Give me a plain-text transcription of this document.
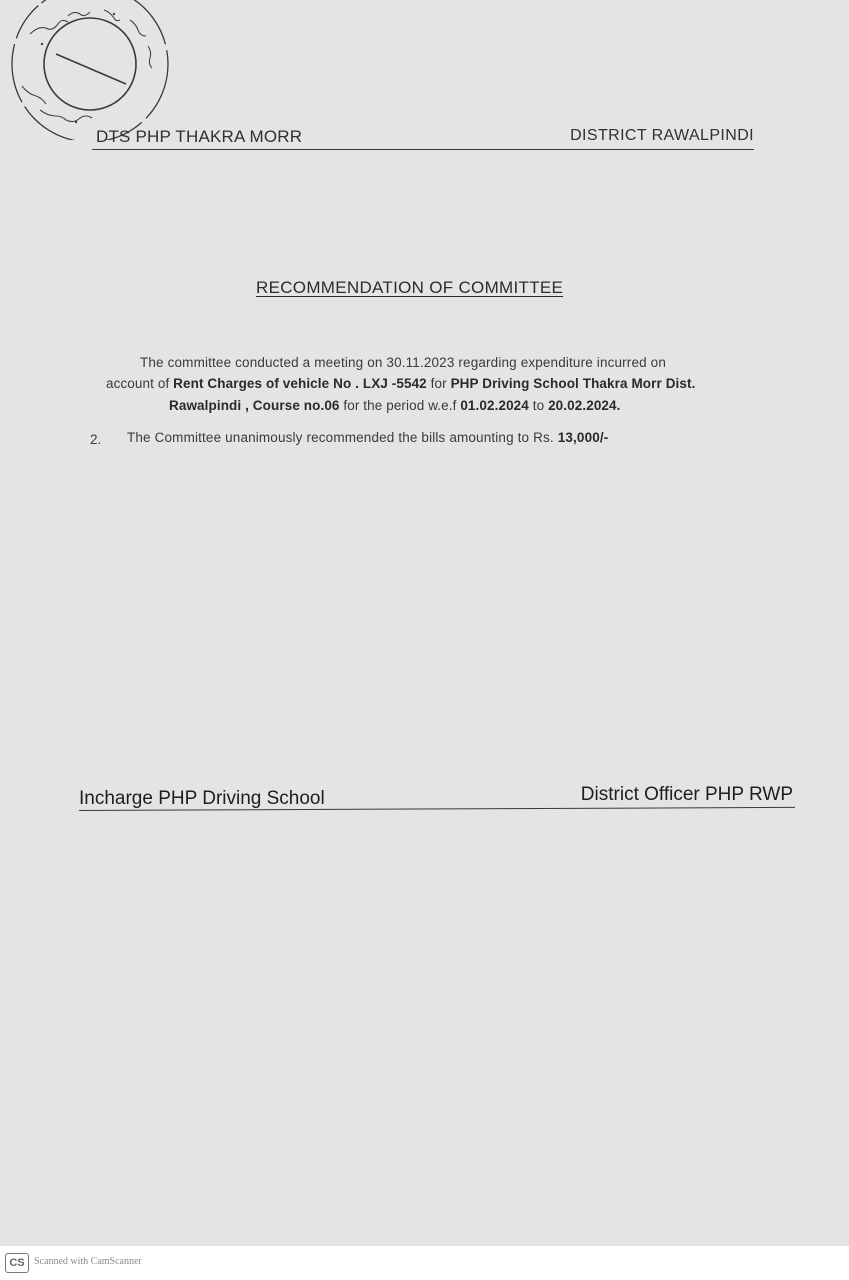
DTS PHP THAKRA MORR	DISTRICT RAWALPINDI
RECOMMENDATION OF COMMITTEE
The committee conducted a meeting on 30.11.2023 regarding expenditure incurred on
account of Rent Charges of vehicle No . LXJ -5542 for PHP Driving School Thakra Morr Dist.
Rawalpindi , Course no.06 for the period w.e.f 01.02.2024 to 20.02.2024.
2. The Committee unanimously recommended the bills amounting to Rs. 13,000/-
Incharge PHP Driving School	District Officer PHP RWP
CS Scanned with CamScanner
